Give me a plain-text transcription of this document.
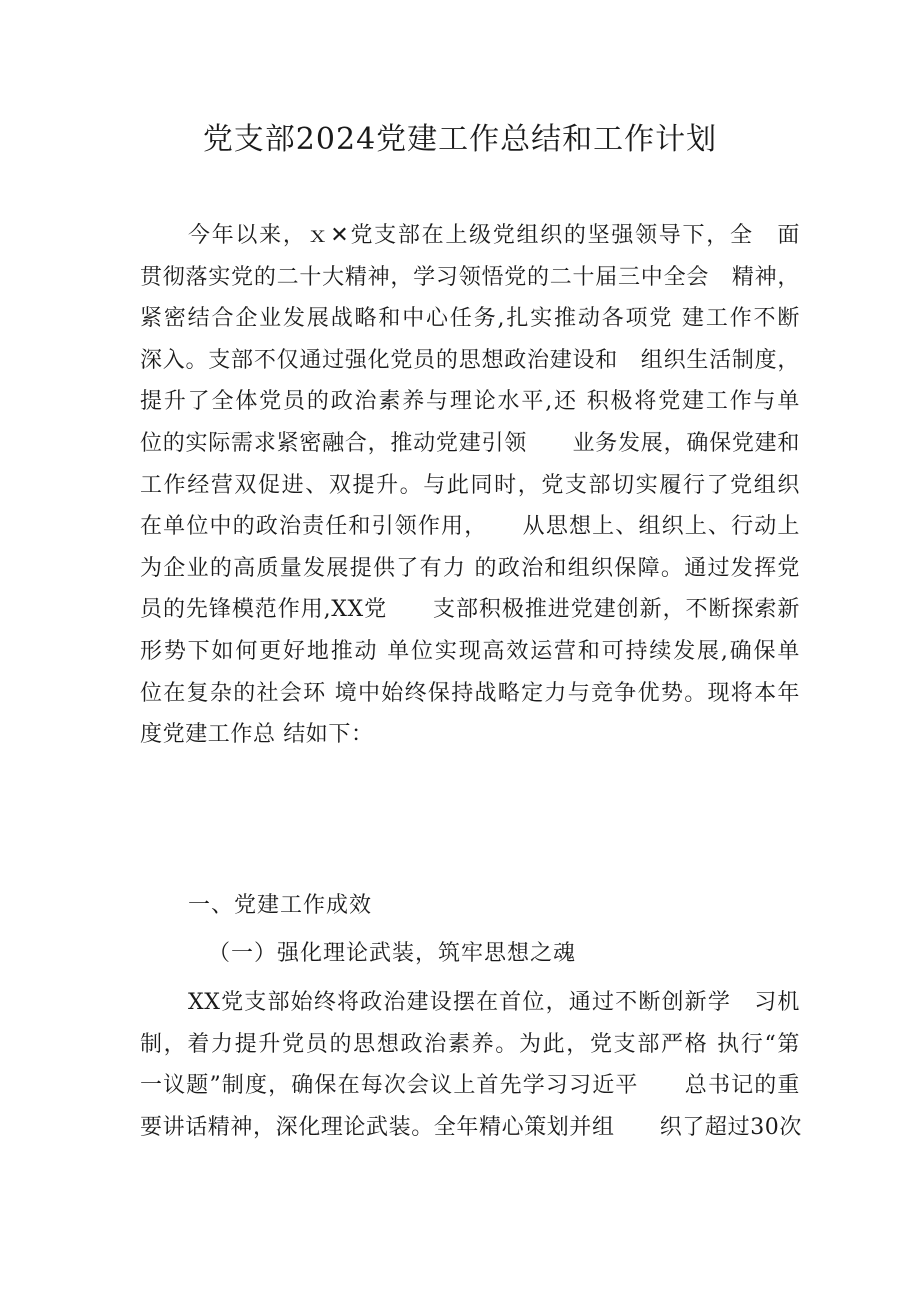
党支部2024党建工作总结和工作计划
今年以来，ｘ✕党支部在上级党组织的坚强领导下，全　面
贯彻落实党的二十大精神，学习领悟党的二十届三中全会　精神，
紧密结合企业发展战略和中心任务,扎实推动各项党 建工作不断
深入。支部不仅通过强化党员的思想政治建设和　组织生活制度，
提升了全体党员的政治素养与理论水平,还 积极将党建工作与单
位的实际需求紧密融合，推动党建引领　　业务发展，确保党建和
工作经营双促进、双提升。与此同时，党支部切实履行了党组织
在单位中的政治责任和引领作用，　　从思想上、组织上、行动上
为企业的高质量发展提供了有力 的政治和组织保障。通过发挥党
员的先锋模范作用,XX党　　支部积极推进党建创新，不断探索新
形势下如何更好地推动 单位实现高效运营和可持续发展,确保单
位在复杂的社会环 境中始终保持战略定力与竞争优势。现将本年
度党建工作总 结如下：
一、党建工作成效
（一）强化理论武装，筑牢思想之魂
XX党支部始终将政治建设摆在首位，通过不断创新学　习机
制，着力提升党员的思想政治素养。为此，党支部严格 执行“第
一议题”制度，确保在每次会议上首先学习习近平　　总书记的重
要讲话精神，深化理论武装。全年精心策划并组　　织了超过30次
